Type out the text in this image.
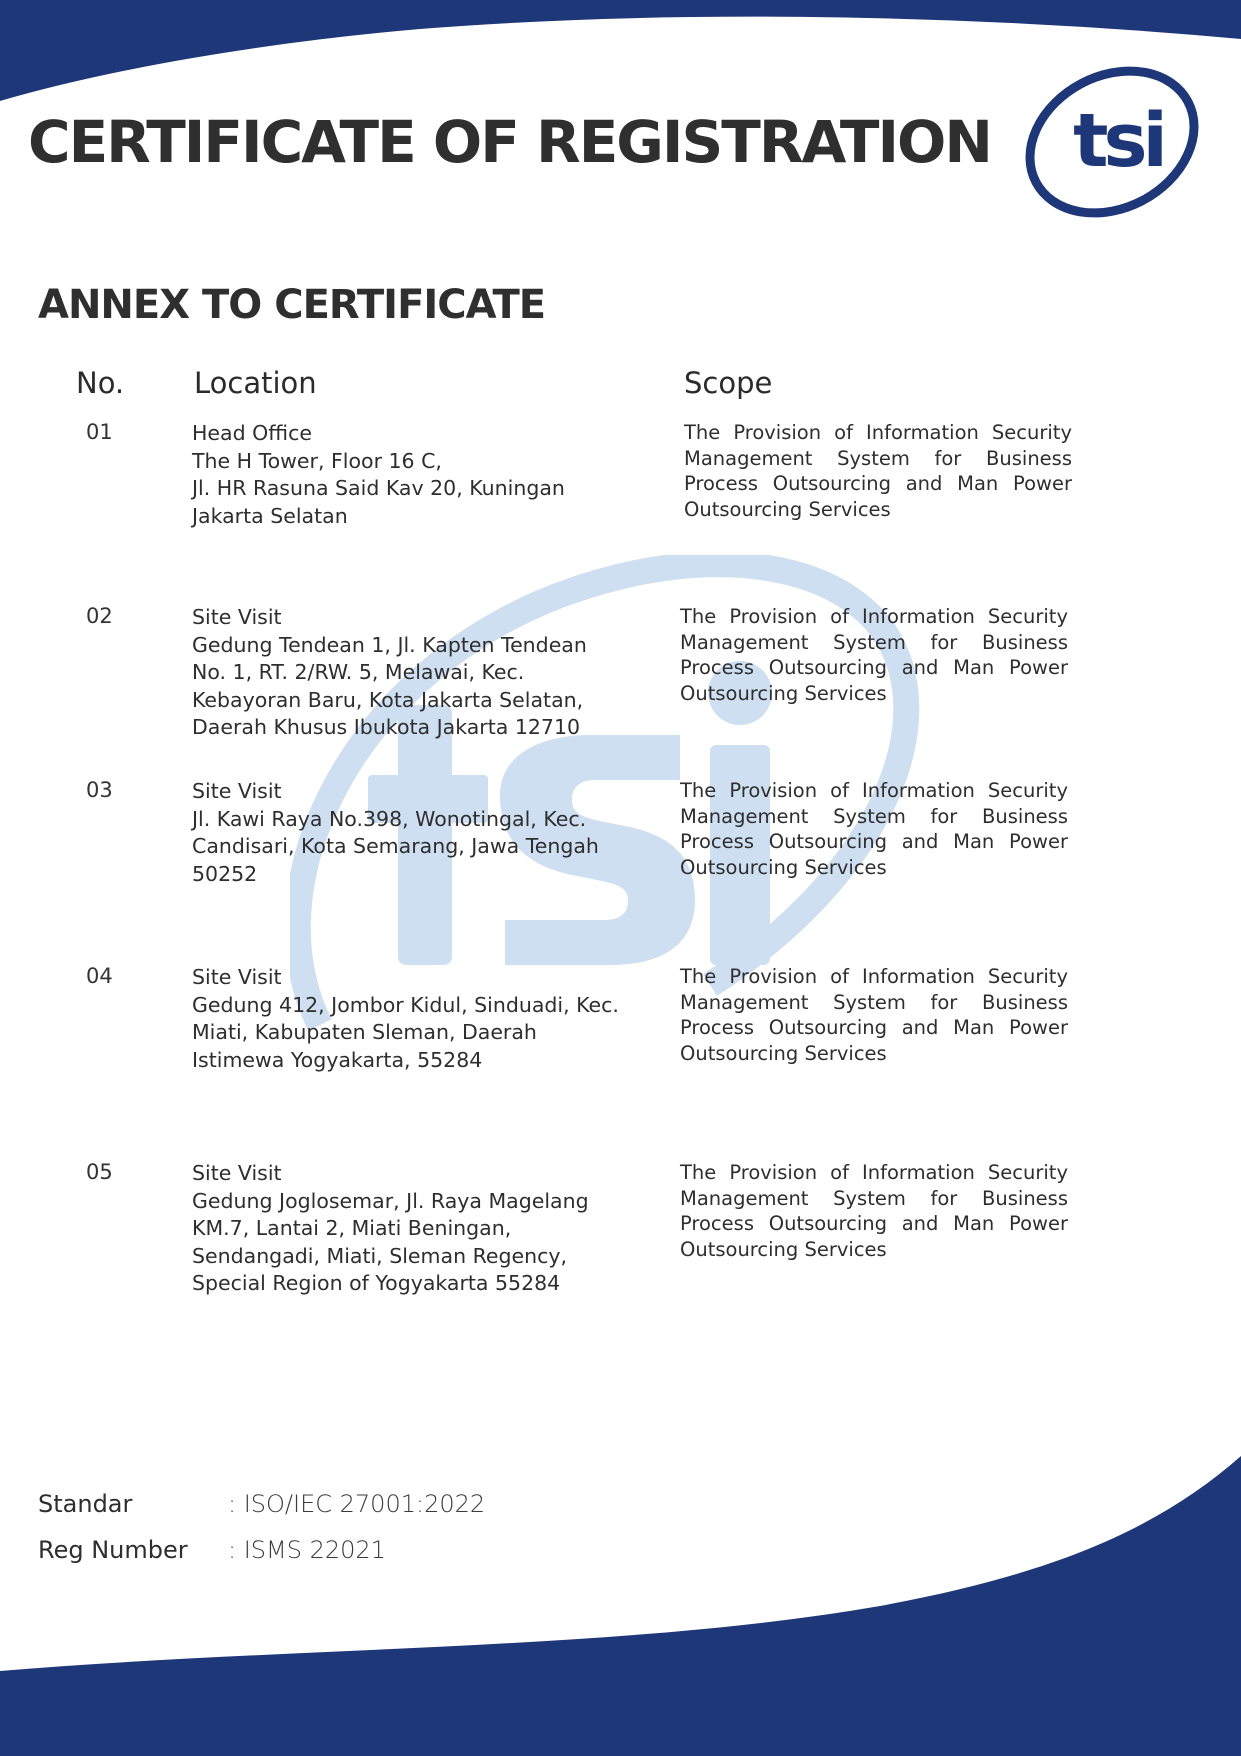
CERTIFICATE OF REGISTRATION tsi
ANNEX TO CERTIFICATE
No. Location	Scope
01	Head Office
The H Tower, Floor 16 C,
Jl. HR Rasuna Said Kav 20, Kuningan
Jakarta Selatan
The Provision of Information Security Management System for Business Process Outsourcing and Man Power Outsourcing Services
02	Site Visit
Gedung Tendean 1, Jl. Kapten Tendean
No. 1, RT. 2/RW. 5, Melawai, Kec.
Kebayoran Baru, Kota Jakarta Selatan,
Daerah Khusus Ibukota Jakarta 12710
The Provision of Information Security Management System for Business Process Outsourcing and Man Power Outsourcing Services
03	Site Visit
Jl. Kawi Raya No.398, Wonotingal, Kec.
Candisari, Kota Semarang, Jawa Tengah
50252
The Provision of Information Security Management System for Business Process Outsourcing and Man Power Outsourcing Services
04	Site Visit
Gedung 412, Jombor Kidul, Sinduadi, Kec.
Miati, Kabupaten Sleman, Daerah
Istimewa Yogyakarta, 55284
The Provision of Information Security Management System for Business Process Outsourcing and Man Power Outsourcing Services
05	Site Visit
Gedung Joglosemar, Jl. Raya Magelang
KM.7, Lantai 2, Miati Beningan,
Sendangadi, Miati, Sleman Regency,
Special Region of Yogyakarta 55284
The Provision of Information Security Management System for Business Process Outsourcing and Man Power Outsourcing Services
Standar	: ISO/IEC 27001:2022
Reg Number : ISMS 22021
